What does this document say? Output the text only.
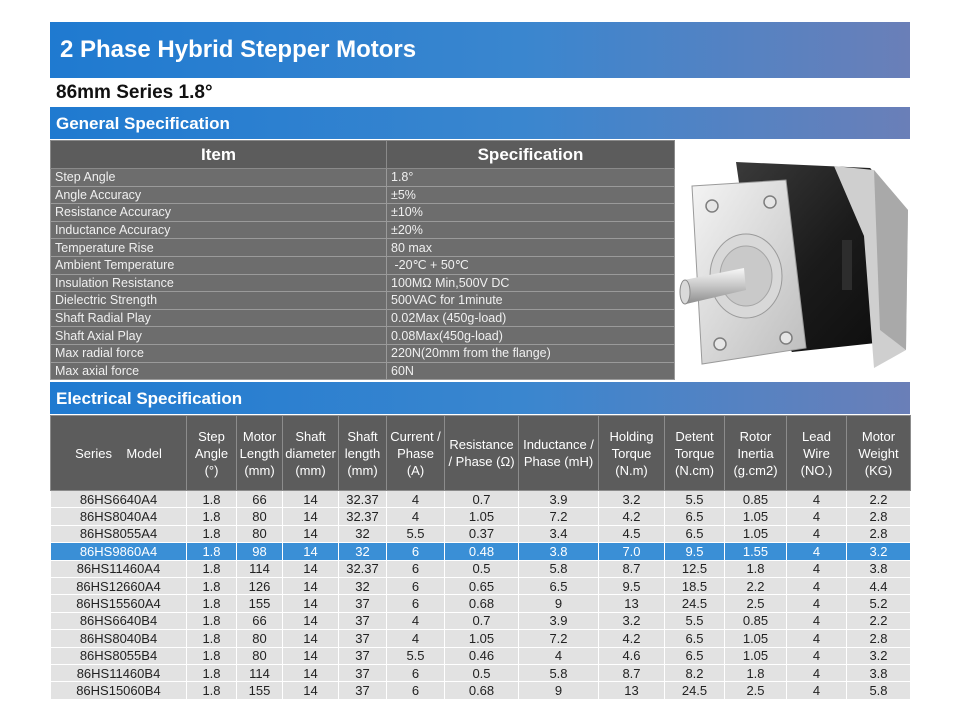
2 Phase Hybrid Stepper Motors
86mm Series 1.8°
General Specification
Item	Specification
Step Angle	1.8°
Angle Accuracy	±5%
Resistance Accuracy	±10%
Inductance Accuracy	±20%
Temperature Rise	80 max
Ambient Temperature	-20℃ + 50℃
Insulation Resistance	100MΩ Min,500V DC
Dielectric Strength	500VAC for 1minute
Shaft Radial Play	0.02Max (450g-load)
Shaft Axial Play	0.08Max(450g-load)
Max radial force	220N(20mm from the flange)
Max axial force	60N
Electrical Specification
Series    Model	Step Angle (°)	Motor Length (mm)	Shaft diameter (mm)	Shaft length (mm)	Current / Phase (A)	Resistance / Phase (Ω)	Inductance / Phase (mH)	Holding Torque (N.m)	Detent Torque (N.cm)	Rotor Inertia (g.cm2)	Lead Wire (NO.)	Motor Weight (KG)
86HS6640A4	1.8	66	14	32.37	4	0.7	3.9	3.2	5.5	0.85	4	2.2
86HS8040A4	1.8	80	14	32.37	4	1.05	7.2	4.2	6.5	1.05	4	2.8
86HS8055A4	1.8	80	14	32	5.5	0.37	3.4	4.5	6.5	1.05	4	2.8
86HS9860A4	1.8	98	14	32	6	0.48	3.8	7.0	9.5	1.55	4	3.2
86HS11460A4	1.8	114	14	32.37	6	0.5	5.8	8.7	12.5	1.8	4	3.8
86HS12660A4	1.8	126	14	32	6	0.65	6.5	9.5	18.5	2.2	4	4.4
86HS15560A4	1.8	155	14	37	6	0.68	9	13	24.5	2.5	4	5.2
86HS6640B4	1.8	66	14	37	4	0.7	3.9	3.2	5.5	0.85	4	2.2
86HS8040B4	1.8	80	14	37	4	1.05	7.2	4.2	6.5	1.05	4	2.8
86HS8055B4	1.8	80	14	37	5.5	0.46	4	4.6	6.5	1.05	4	3.2
86HS11460B4	1.8	114	14	37	6	0.5	5.8	8.7	8.2	1.8	4	3.8
86HS15060B4	1.8	155	14	37	6	0.68	9	13	24.5	2.5	4	5.8
